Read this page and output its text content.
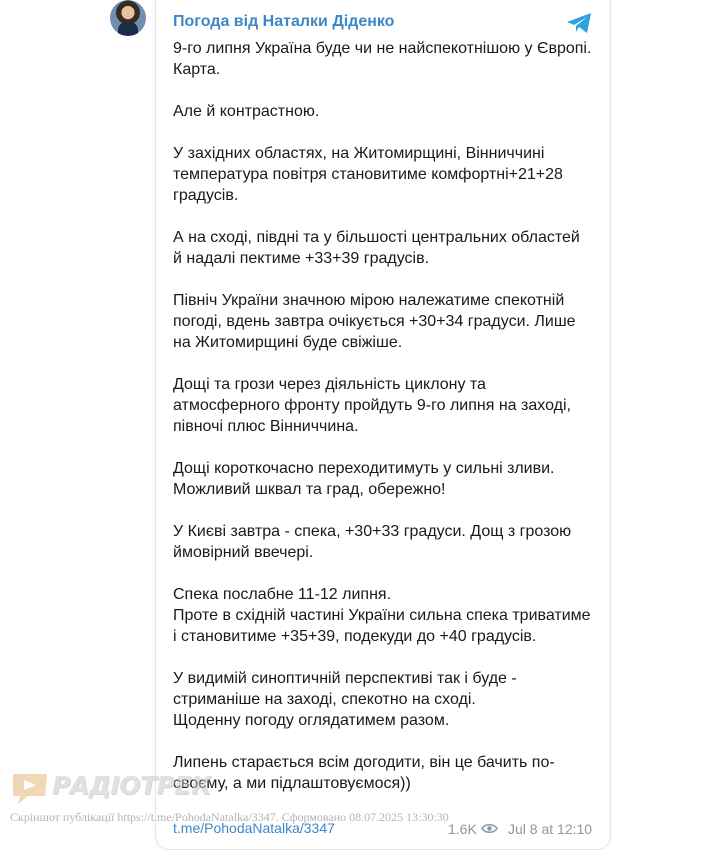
Погода від Наталки Діденко

9-го липня Україна буде чи не найспекотнішою у Європі. Карта.

Але й контрастною.

У західних областях, на Житомирщині, Вінниччині температура повітря становитиме комфортні+21+28 градусів.

А на сході, півдні та у більшості центральних областей й надалі пектиме +33+39 градусів.

Північ України значною мірою належатиме спекотній погоді, вдень завтра очікується +30+34 градуси. Лише на Житомирщині буде свіжіше.

Дощі та грози через діяльність циклону та атмосферного фронту пройдуть 9-го липня на заході, півночі плюс Вінниччина.

Дощі короткочасно переходитимуть у сильні зливи.
Можливий шквал та град, обережно!

У Києві завтра - спека, +30+33 градуси. Дощ з грозою ймовірний ввечері.

Спека послабне 11-12 липня.
Проте в східній частині України сильна спека триватиме і становитиме +35+39, подекуди до +40 градусів.

У видимій синоптичній перспективі так і буде - стриманіше на заході, спекотно на сході.
Щоденну погоду оглядатимем разом.

Липень старається всім догодити, він це бачить по-своєму, а ми підлаштовуємося))

t.me/PohodaNatalka/3347	1.6K Jul 8 at 12:10
РАДІОТРЕК
Скріншот публікації https://t.me/PohodaNatalka/3347. Сформовано 08.07.2025 13:30:30
